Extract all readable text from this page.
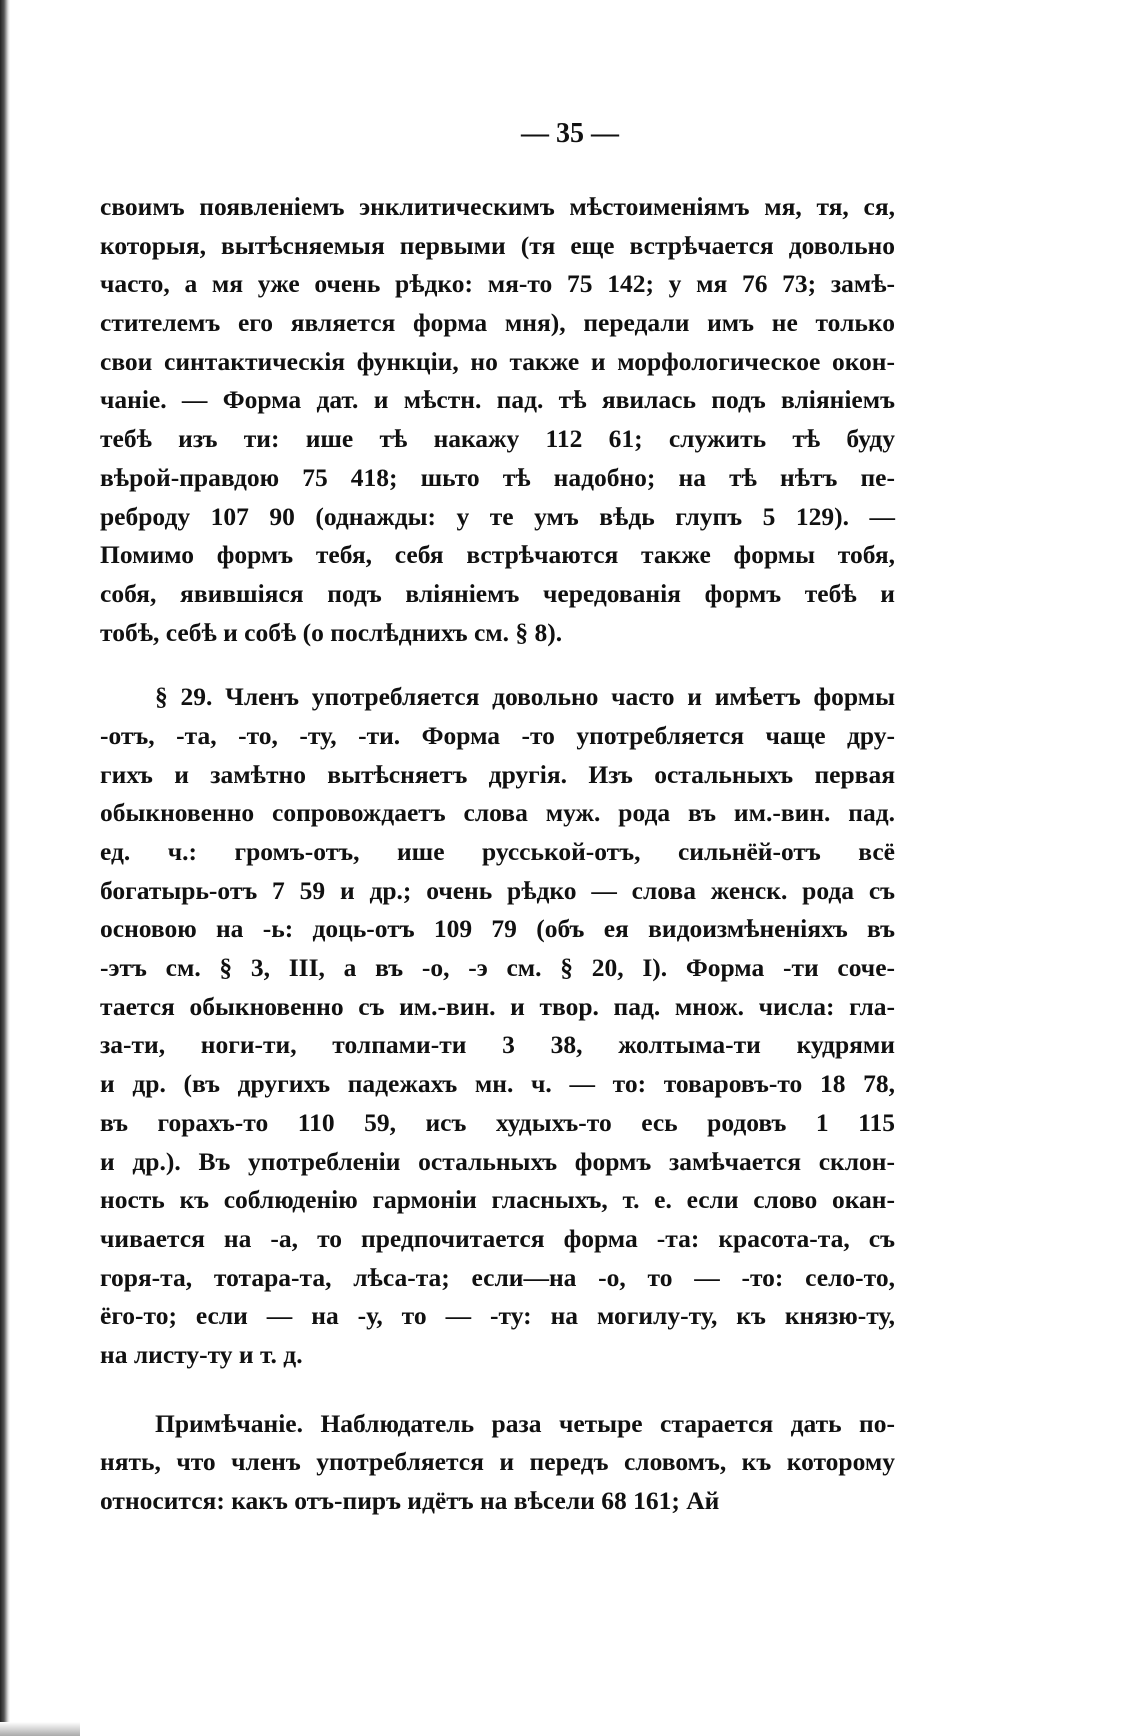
— 35 —
своимъ появленіемъ энклитическимъ мѣстоименіямъ мя, тя, ся,
которыя, вытѣсняемыя первыми (тя еще встрѣчается довольно
часто, а мя уже очень рѣдко: мя-то 75 142; у мя 76 73; замѣ-
стителемъ его является форма мня), передали имъ не только
свои синтактическія функціи, но также и морфологическое окон-
чаніе. — Форма дат. и мѣстн. пад. тѣ явилась подъ вліяніемъ
тебѣ изъ ти: ише тѣ накажу 112 61; служить тѣ буду
вѣрой-правдою 75 418; шьто тѣ надобно; на тѣ нѣтъ пе-
реброду 107 90 (однажды: у те умъ вѣдь глупъ 5 129). —
Помимо формъ тебя, себя встрѣчаются также формы тобя,
собя, явившіяся подъ вліяніемъ чередованія формъ тебѣ и
тобѣ, себѣ и собѣ (о послѣднихъ см. § 8).
§ 29. Членъ употребляется довольно часто и имѣетъ формы
-отъ, -та, -то, -ту, -ти. Форма -то употребляется чаще дру-
гихъ и замѣтно вытѣсняетъ другія. Изъ остальныхъ первая
обыкновенно сопровождаетъ слова муж. рода въ им.-вин. пад.
ед. ч.: громъ-отъ, ише русськой-отъ, сильнёй-отъ всё
богатырь-отъ 7 59 и др.; очень рѣдко — слова женск. рода съ
основою на -ь: доць-отъ 109 79 (объ ея видоизмѣненіяхъ въ
-этъ см. § 3, III, а въ -о, -э см. § 20, I). Форма -ти соче-
тается обыкновенно съ им.-вин. и твор. пад. множ. числа: гла-
за-ти, ноги-ти, толпами-ти 3 38, жолтыма-ти кудрями
и др. (въ другихъ падежахъ мн. ч. — то: товаровъ-то 18 78,
въ горахъ-то 110 59, исъ худыхъ-то есь родовъ 1 115
и др.). Въ употребленіи остальныхъ формъ замѣчается склон-
ность къ соблюденію гармоніи гласныхъ, т. е. если слово окан-
чивается на -а, то предпочитается форма -та: красота-та, съ
горя-та, тотара-та, лѣса-та; если—на -о, то — -то: село-то,
ёго-то; если — на -у, то — -ту: на могилу-ту, къ князю-ту,
на листу-ту и т. д.
Примѣчаніе. Наблюдатель раза четыре старается дать по-
нять, что членъ употребляется и передъ словомъ, къ которому
относится: какъ отъ-пиръ идётъ на вѣсели 68 161; Ай
